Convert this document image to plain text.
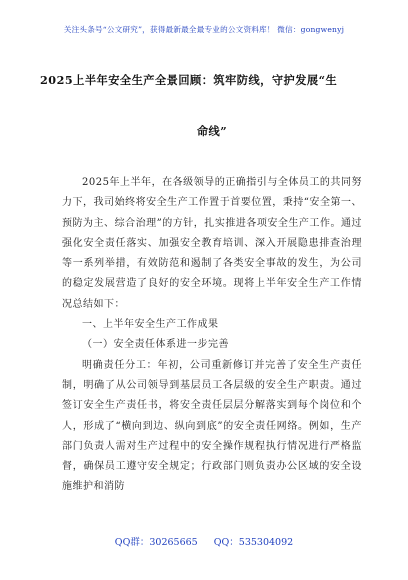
关注头条号“公文研究”，获得最新最全最专业的公文资料库！ 微信：gongwenyj
2025上半年安全生产全景回顾：筑牢防线，守护发展“生
命线”

2025年上半年，在各级领导的正确指引与全体员工的共同努力下，我司始终将安全生产工作置于首要位置，秉持“安全第一、预防为主、综合治理”的方针，扎实推进各项安全生产工作。通过强化安全责任落实、加强安全教育培训、深入开展隐患排查治理等一系列举措，有效防范和遏制了各类安全事故的发生，为公司的稳定发展营造了良好的安全环境。现将上半年安全生产工作情况总结如下：

一、上半年安全生产工作成果

（一）安全责任体系进一步完善

明确责任分工：年初，公司重新修订并完善了安全生产责任制，明确了从公司领导到基层员工各层级的安全生产职责。通过签订安全生产责任书，将安全责任层层分解落实到每个岗位和个人，形成了“横向到边、纵向到底”的安全责任网络。例如，生产部门负责人需对生产过程中的安全操作规程执行情况进行严格监督，确保员工遵守安全规定；行政部门则负责办公区域的安全设施维护和消防

QQ群：30265665 QQ：535304092
